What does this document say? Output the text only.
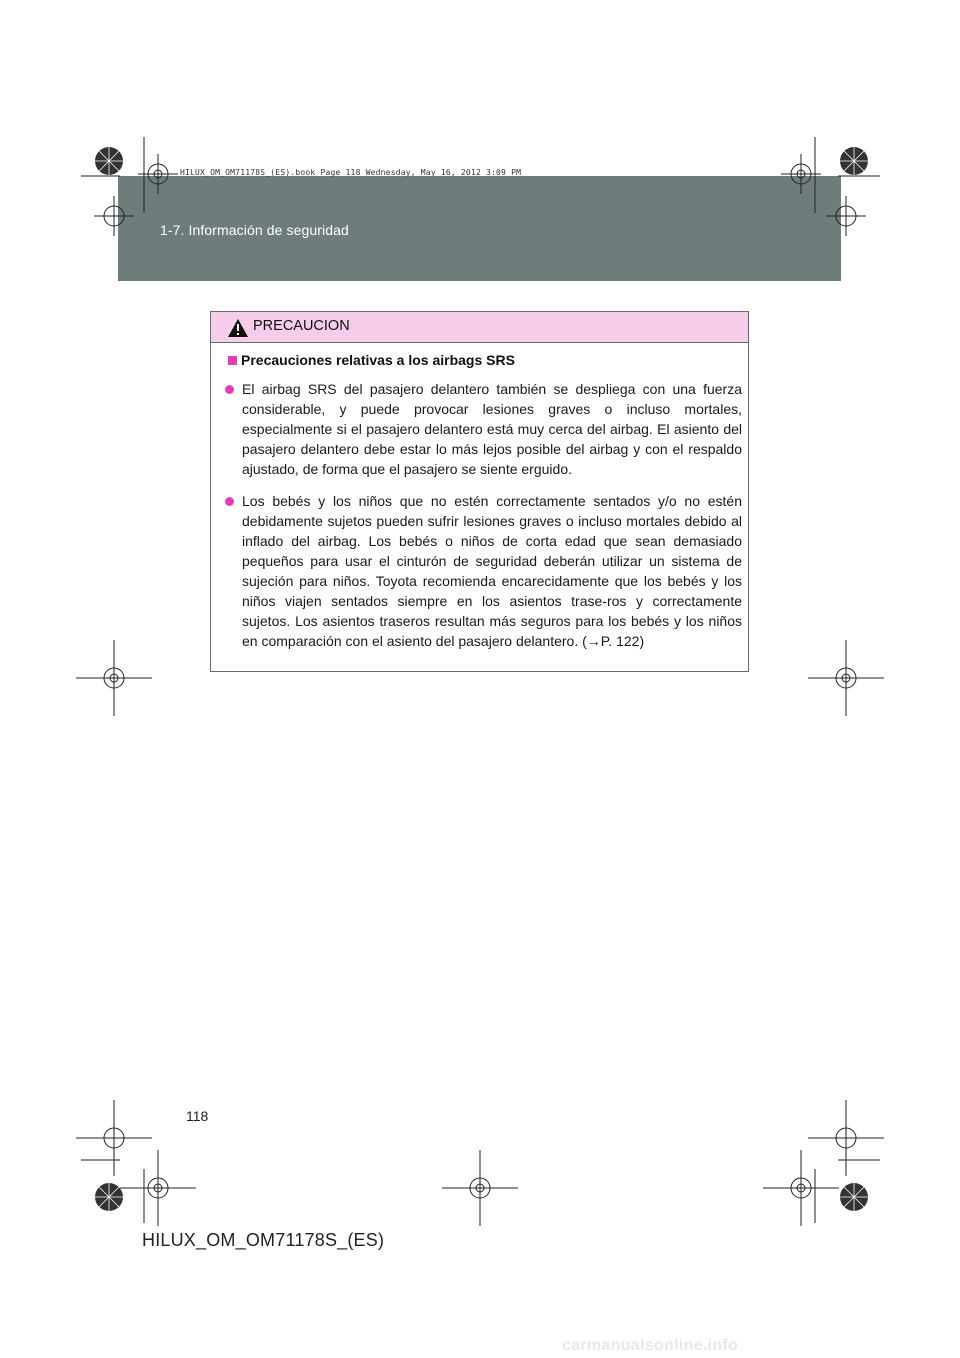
1-7. Información de seguridad
HILUX_OM_OM71178S_(ES).book Page 118 Wednesday, May 16, 2012 3:09 PM
PRECAUCION
Precauciones relativas a los airbags SRS
El airbag SRS del pasajero delantero también se despliega con una fuerza considerable, y puede provocar lesiones graves o incluso mortales, especialmente si el pasajero delantero está muy cerca del airbag. El asiento del pasajero delantero debe estar lo más lejos posible del airbag y con el respaldo ajustado, de forma que el pasajero se siente erguido.
Los bebés y los niños que no estén correctamente sentados y/o no estén debidamente sujetos pueden sufrir lesiones graves o incluso mortales debido al inflado del airbag. Los bebés o niños de corta edad que sean demasiado pequeños para usar el cinturón de seguridad deberán utilizar un sistema de sujeción para niños. Toyota recomienda encarecidamente que los bebés y los niños viajen sentados siempre en los asientos trase-ros y correctamente sujetos. Los asientos traseros resultan más seguros para los bebés y los niños en comparación con el asiento del pasajero delantero. (→P. 122)
118
HILUX_OM_OM71178S_(ES)
carmanualsonline.info
